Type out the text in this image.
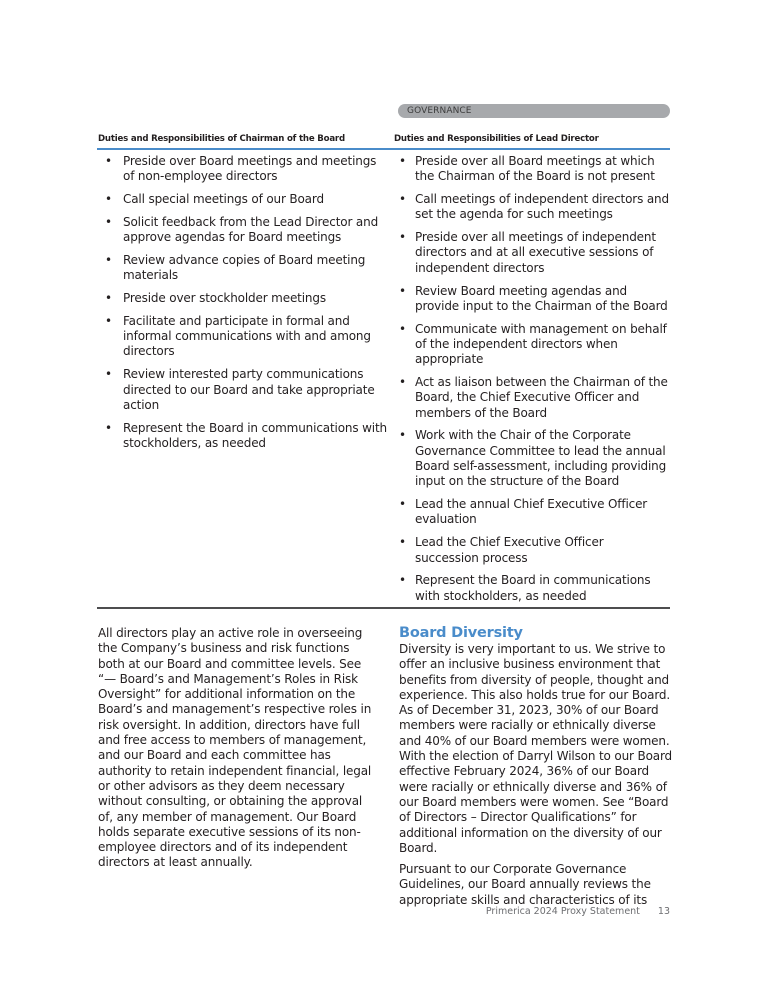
GOVERNANCE
Duties and Responsibilities of Chairman of the Board	Duties and Responsibilities of Lead Director
• Preside over Board meetings and meetings of non-employee directors
• Call special meetings of our Board
• Solicit feedback from the Lead Director and approve agendas for Board meetings
• Review advance copies of Board meeting materials
• Preside over stockholder meetings
• Facilitate and participate in formal and informal communications with and among directors
• Review interested party communications directed to our Board and take appropriate action
• Represent the Board in communications with stockholders, as needed
• Preside over all Board meetings at which the Chairman of the Board is not present
• Call meetings of independent directors and set the agenda for such meetings
• Preside over all meetings of independent directors and at all executive sessions of independent directors
• Review Board meeting agendas and provide input to the Chairman of the Board
• Communicate with management on behalf of the independent directors when appropriate
• Act as liaison between the Chairman of the Board, the Chief Executive Officer and members of the Board
• Work with the Chair of the Corporate Governance Committee to lead the annual Board self-assessment, including providing input on the structure of the Board
• Lead the annual Chief Executive Officer evaluation
• Lead the Chief Executive Officer succession process
• Represent the Board in communications with stockholders, as needed

All directors play an active role in overseeing the Company’s business and risk functions both at our Board and committee levels. See “— Board’s and Management’s Roles in Risk Oversight” for additional information on the Board’s and management’s respective roles in risk oversight. In addition, directors have full and free access to members of management, and our Board and each committee has authority to retain independent financial, legal or other advisors as they deem necessary without consulting, or obtaining the approval of, any member of management. Our Board holds separate executive sessions of its non-employee directors and of its independent directors at least annually.

Board Diversity

Diversity is very important to us. We strive to offer an inclusive business environment that benefits from diversity of people, thought and experience. This also holds true for our Board. As of December 31, 2023, 30% of our Board members were racially or ethnically diverse and 40% of our Board members were women. With the election of Darryl Wilson to our Board effective February 2024, 36% of our Board were racially or ethnically diverse and 36% of our Board members were women. See “Board of Directors – Director Qualifications” for additional information on the diversity of our Board.

Pursuant to our Corporate Governance Guidelines, our Board annually reviews the appropriate skills and characteristics of its

Primerica 2024 Proxy Statement 13
